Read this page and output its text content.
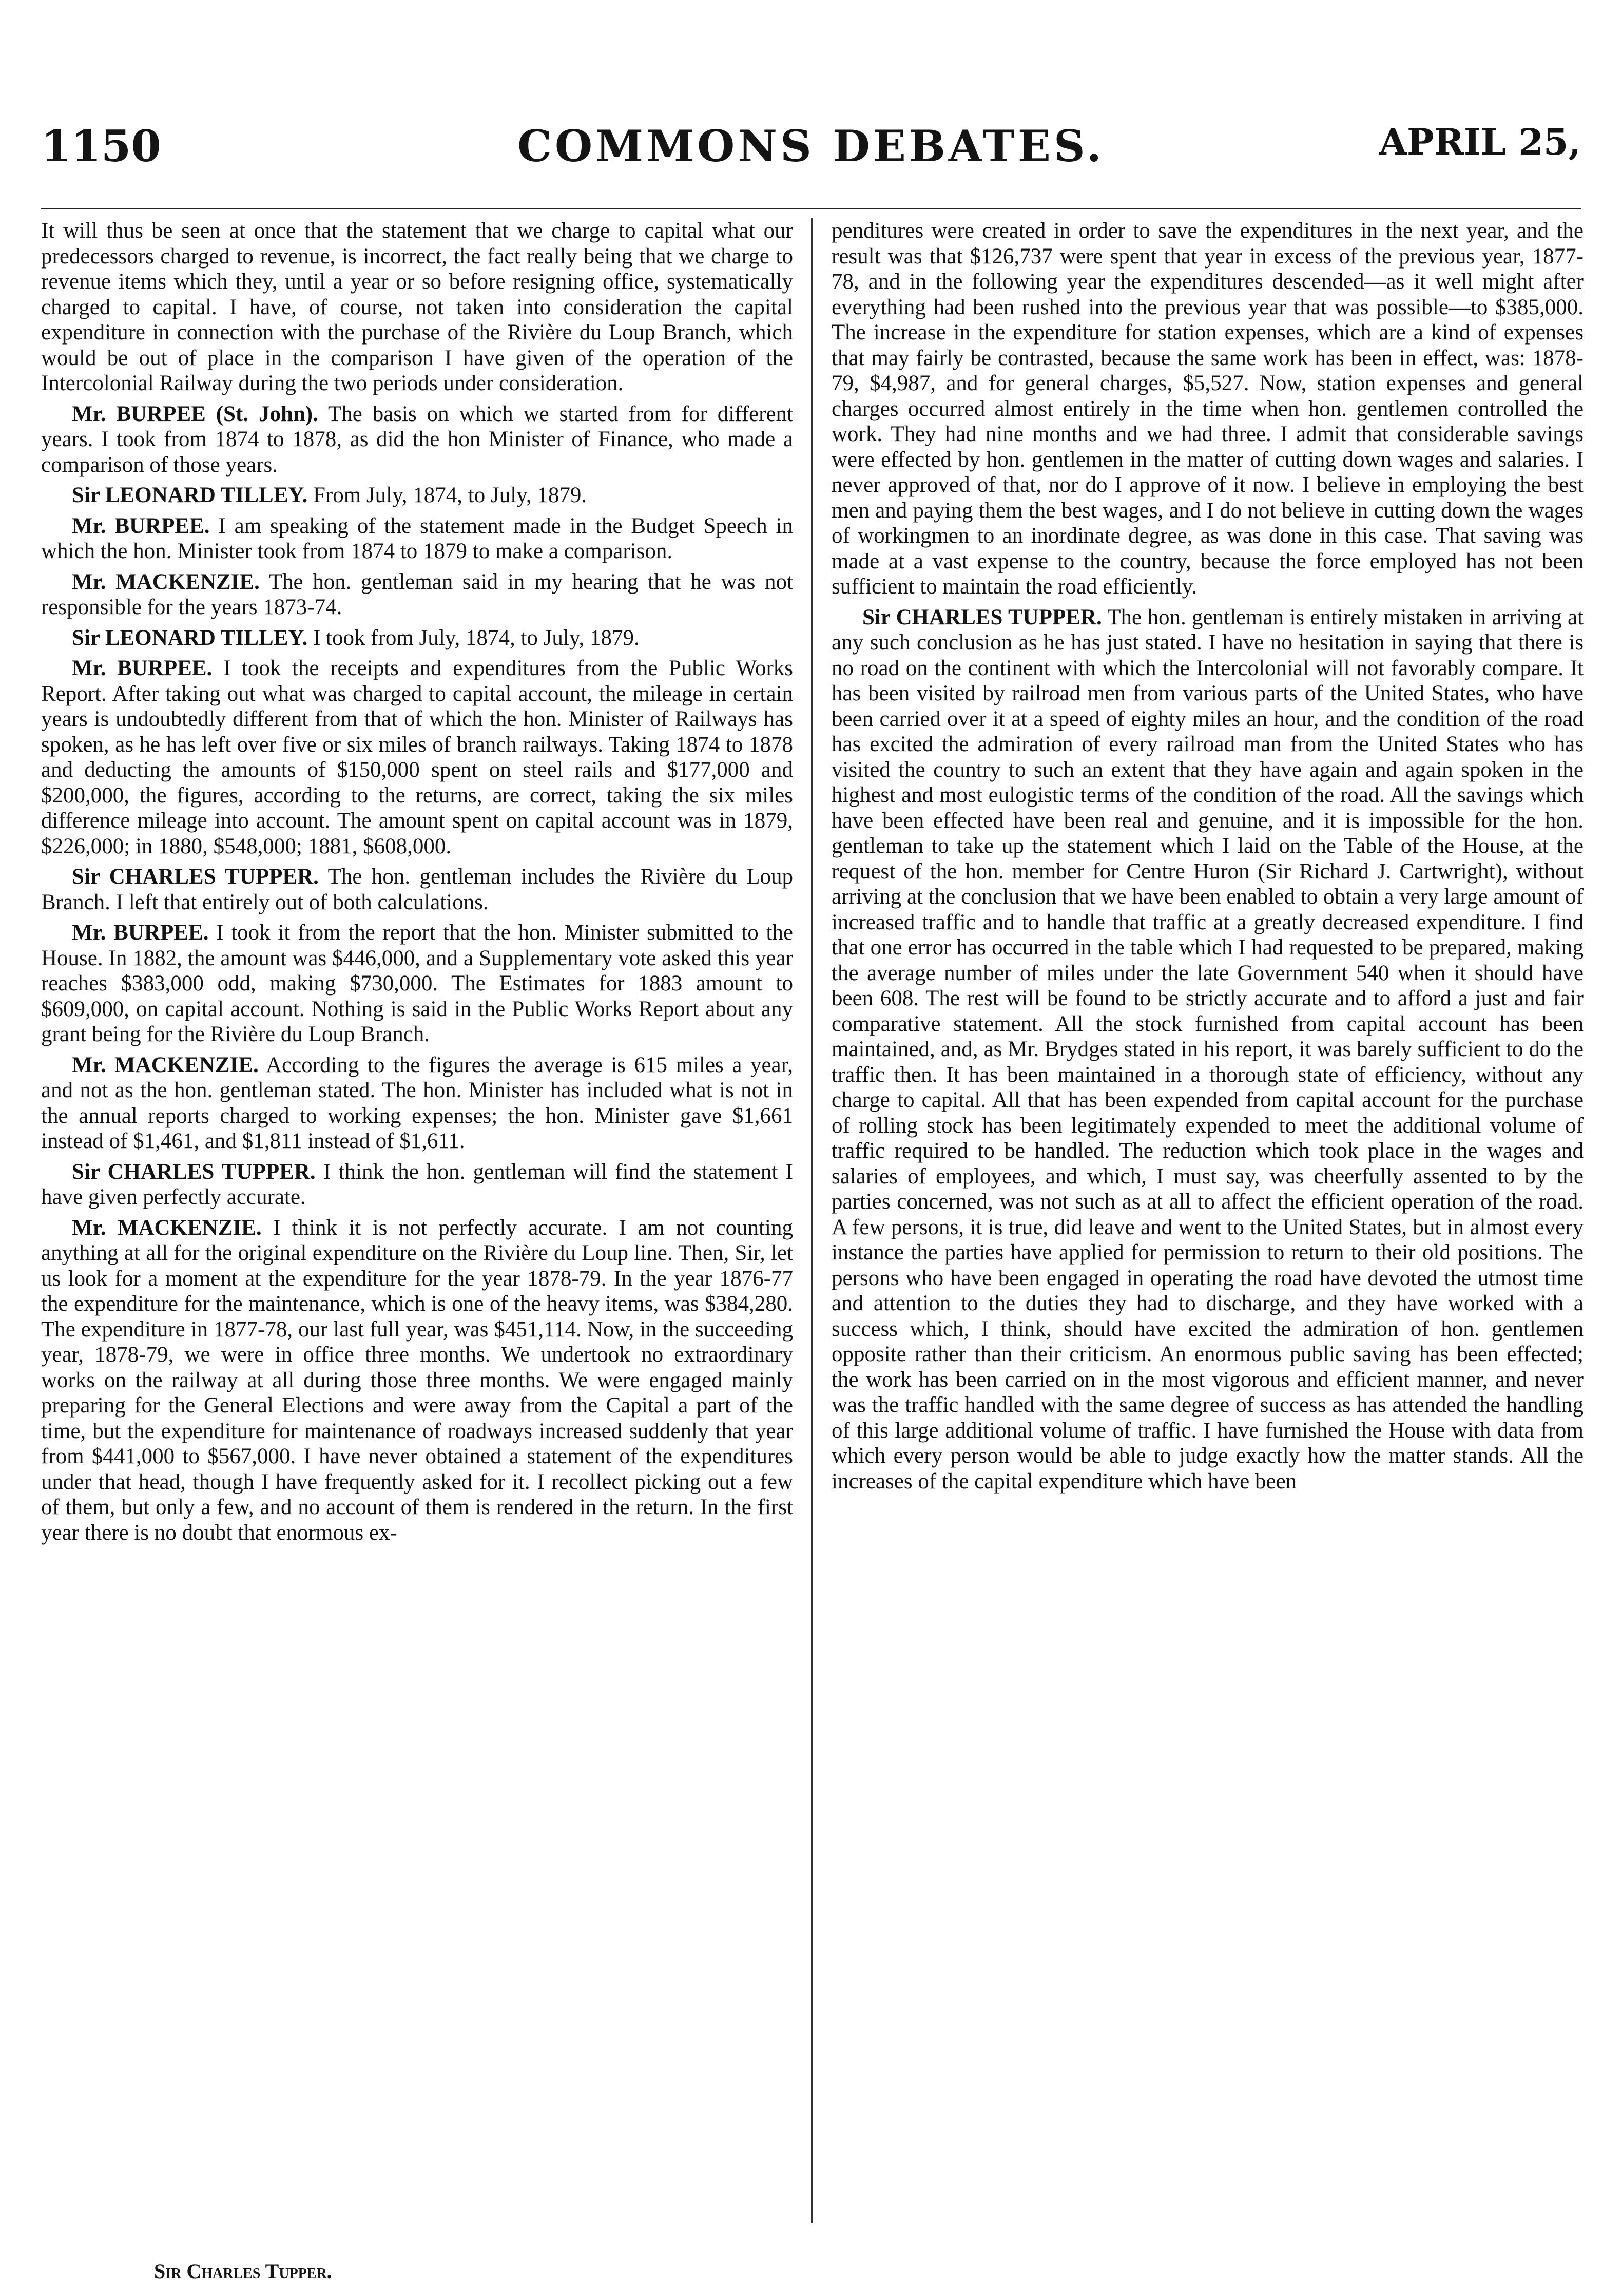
1150	COMMONS DEBATES.	APRIL 25,

It will thus be seen at once that the statement that we charge to capital what our predecessors charged to revenue, is incorrect, the fact really being that we charge to revenue items which they, until a year or so before resigning office, systematically charged to capital. I have, of course, not taken into consideration the capital expenditure in connection with the purchase of the Rivière du Loup Branch, which would be out of place in the comparison I have given of the operation of the Intercolonial Railway during the two periods under consideration.

Mr. BURPEE (St. John). The basis on which we started from for different years. I took from 1874 to 1878, as did the hon Minister of Finance, who made a comparison of those years.

Sir LEONARD TILLEY. From July, 1874, to July, 1879.

Mr. BURPEE. I am speaking of the statement made in the Budget Speech in which the hon. Minister took from 1874 to 1879 to make a comparison.

Mr. MACKENZIE. The hon. gentleman said in my hearing that he was not responsible for the years 1873-74.

Sir LEONARD TILLEY. I took from July, 1874, to July, 1879.

Mr. BURPEE. I took the receipts and expenditures from the Public Works Report. After taking out what was charged to capital account, the mileage in certain years is undoubtedly different from that of which the hon. Minister of Railways has spoken, as he has left over five or six miles of branch railways. Taking 1874 to 1878 and deducting the amounts of $150,000 spent on steel rails and $177,000 and $200,000, the figures, according to the returns, are correct, taking the six miles difference mileage into account. The amount spent on capital account was in 1879, $226,000; in 1880, $548,000; 1881, $608,000.

Sir CHARLES TUPPER. The hon. gentleman includes the Rivière du Loup Branch. I left that entirely out of both calculations.

Mr. BURPEE. I took it from the report that the hon. Minister submitted to the House. In 1882, the amount was $446,000, and a Supplementary vote asked this year reaches $383,000 odd, making $730,000. The Estimates for 1883 amount to $609,000, on capital account. Nothing is said in the Public Works Report about any grant being for the Rivière du Loup Branch.

Mr. MACKENZIE. According to the figures the average is 615 miles a year, and not as the hon. gentleman stated. The hon. Minister has included what is not in the annual reports charged to working expenses; the hon. Minister gave $1,661 instead of $1,461, and $1,811 instead of $1,611.

Sir CHARLES TUPPER. I think the hon. gentleman will find the statement I have given perfectly accurate.

Mr. MACKENZIE. I think it is not perfectly accurate. I am not counting anything at all for the original expenditure on the Rivière du Loup line. Then, Sir, let us look for a moment at the expenditure for the year 1878-79. In the year 1876-77 the expenditure for the maintenance, which is one of the heavy items, was $384,280. The expenditure in 1877-78, our last full year, was $451,114. Now, in the succeeding year, 1878-79, we were in office three months. We undertook no extraordinary works on the railway at all during those three months. We were engaged mainly preparing for the General Elections and were away from the Capital a part of the time, but the expenditure for maintenance of roadways increased suddenly that year from $441,000 to $567,000. I have never obtained a statement of the expenditures under that head, though I have frequently asked for it. I recollect picking out a few of them, but only a few, and no account of them is rendered in the return. In the first year there is no doubt that enormous ex-

penditures were created in order to save the expenditures in the next year, and the result was that $126,737 were spent that year in excess of the previous year, 1877-78, and in the following year the expenditures descended—as it well might after everything had been rushed into the previous year that was possible—to $385,000. The increase in the expenditure for station expenses, which are a kind of expenses that may fairly be contrasted, because the same work has been in effect, was: 1878-79, $4,987, and for general charges, $5,527. Now, station expenses and general charges occurred almost entirely in the time when hon. gentlemen controlled the work. They had nine months and we had three. I admit that considerable savings were effected by hon. gentlemen in the matter of cutting down wages and salaries. I never approved of that, nor do I approve of it now. I believe in employing the best men and paying them the best wages, and I do not believe in cutting down the wages of workingmen to an inordinate degree, as was done in this case. That saving was made at a vast expense to the country, because the force employed has not been sufficient to maintain the road efficiently.

Sir CHARLES TUPPER. The hon. gentleman is entirely mistaken in arriving at any such conclusion as he has just stated. I have no hesitation in saying that there is no road on the continent with which the Intercolonial will not favorably compare. It has been visited by railroad men from various parts of the United States, who have been carried over it at a speed of eighty miles an hour, and the condition of the road has excited the admiration of every railroad man from the United States who has visited the country to such an extent that they have again and again spoken in the highest and most eulogistic terms of the condition of the road. All the savings which have been effected have been real and genuine, and it is impossible for the hon. gentleman to take up the statement which I laid on the Table of the House, at the request of the hon. member for Centre Huron (Sir Richard J. Cartwright), without arriving at the conclusion that we have been enabled to obtain a very large amount of increased traffic and to handle that traffic at a greatly decreased expenditure. I find that one error has occurred in the table which I had requested to be prepared, making the average number of miles under the late Government 540 when it should have been 608. The rest will be found to be strictly accurate and to afford a just and fair comparative statement. All the stock furnished from capital account has been maintained, and, as Mr. Brydges stated in his report, it was barely sufficient to do the traffic then. It has been maintained in a thorough state of efficiency, without any charge to capital. All that has been expended from capital account for the purchase of rolling stock has been legitimately expended to meet the additional volume of traffic required to be handled. The reduction which took place in the wages and salaries of employees, and which, I must say, was cheerfully assented to by the parties concerned, was not such as at all to affect the efficient operation of the road. A few persons, it is true, did leave and went to the United States, but in almost every instance the parties have applied for permission to return to their old positions. The persons who have been engaged in operating the road have devoted the utmost time and attention to the duties they had to discharge, and they have worked with a success which, I think, should have excited the admiration of hon. gentlemen opposite rather than their criticism. An enormous public saving has been effected; the work has been carried on in the most vigorous and efficient manner, and never was the traffic handled with the same degree of success as has attended the handling of this large additional volume of traffic. I have furnished the House with data from which every person would be able to judge exactly how the matter stands. All the increases of the capital expenditure which have been

Sir Charles Tupper.
